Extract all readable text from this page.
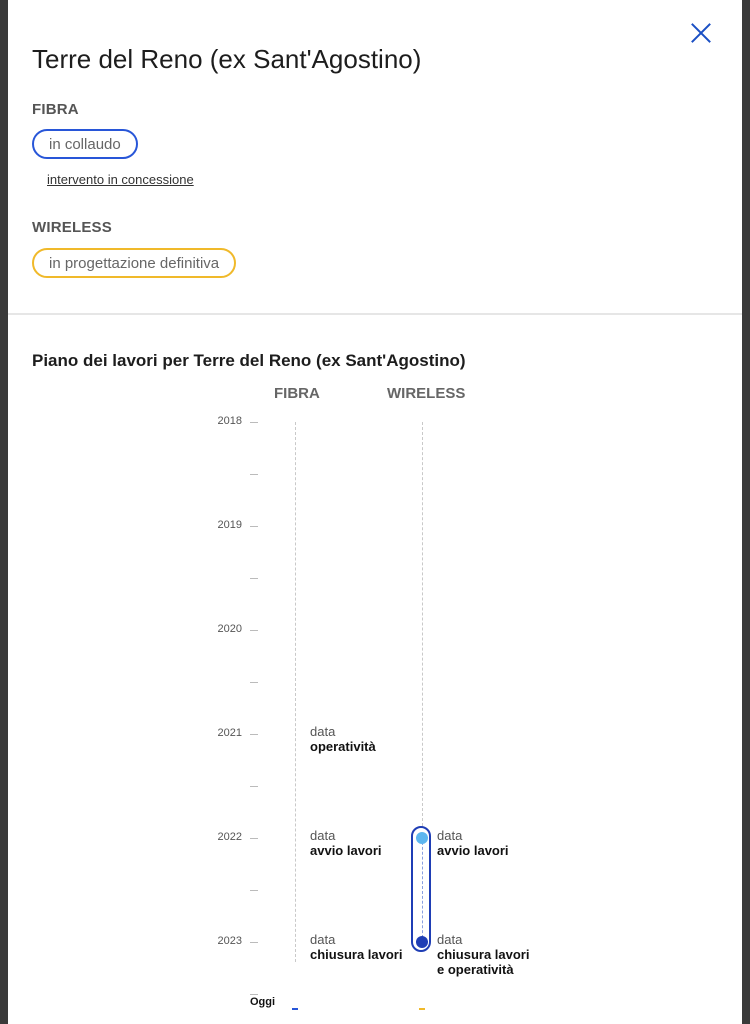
Terre del Reno (ex Sant'Agostino)
FIBRA
in collaudo
intervento in concessione
WIRELESS
in progettazione definitiva
Piano dei lavori per Terre del Reno (ex Sant'Agostino)
FIBRA	WIRELESS
2018
2019
2020
2021
2022
2023
data
operatività
data
avvio lavori
data
chiusura lavori
data
avvio lavori
data
chiusura lavori
e operatività
Oggi
